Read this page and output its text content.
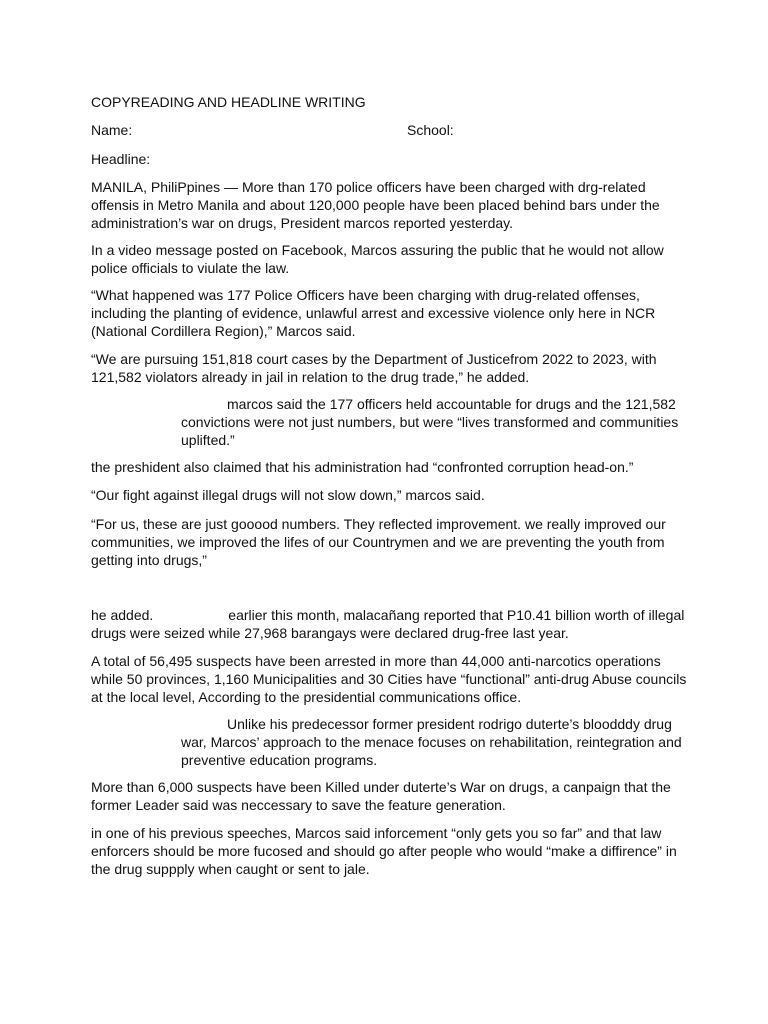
COPYREADING AND HEADLINE WRITING
Name:	School:
Headline:
MANILA, PhiliPpines — More than 170 police officers have been charged with drg-related offensis in Metro Manila and about 120,000 people have been placed behind bars under the administration’s war on drugs, President marcos reported yesterday.
In a video message posted on Facebook, Marcos assuring the public that he would not allow police officials to viulate the law.
“What happened was 177 Police Officers have been charging with drug-related offenses, including the planting of evidence, unlawful arrest and excessive violence only here in NCR (National Cordillera Region),” Marcos said.
“We are pursuing 151,818 court cases by the Department of Justicefrom 2022 to 2023, with 121,582 violators already in jail in relation to the drug trade,” he added.
marcos said the 177 officers held accountable for drugs and the 121,582 convictions were not just numbers, but were “lives transformed and communities uplifted.”
the preshident also claimed that his administration had “confronted corruption head-on.”
“Our fight against illegal drugs will not slow down,” marcos said.
“For us, these are just gooood numbers. They reflected improvement. we really improved our communities, we improved the lifes of our Countrymen and we are preventing the youth from getting into drugs,”
he added.	earlier this month, malacañang reported that P10.41 billion worth of illegal drugs were seized while 27,968 barangays were declared drug-free last year.
A total of 56,495 suspects have been arrested in more than 44,000 anti-narcotics operations while 50 provinces, 1,160 Municipalities and 30 Cities have “functional” anti-drug Abuse councils at the local level, According to the presidential communications office.
Unlike his predecessor former president rodrigo duterte’s bloodddy drug war, Marcos’ approach to the menace focuses on rehabilitation, reintegration and preventive education programs.
More than 6,000 suspects have been Killed under duterte’s War on drugs, a canpaign that the former Leader said was neccessary to save the feature generation.
in one of his previous speeches, Marcos said inforcement “only gets you so far” and that law enforcers should be more fucosed and should go after people who would “make a diffirence” in the drug suppply when caught or sent to jale.
